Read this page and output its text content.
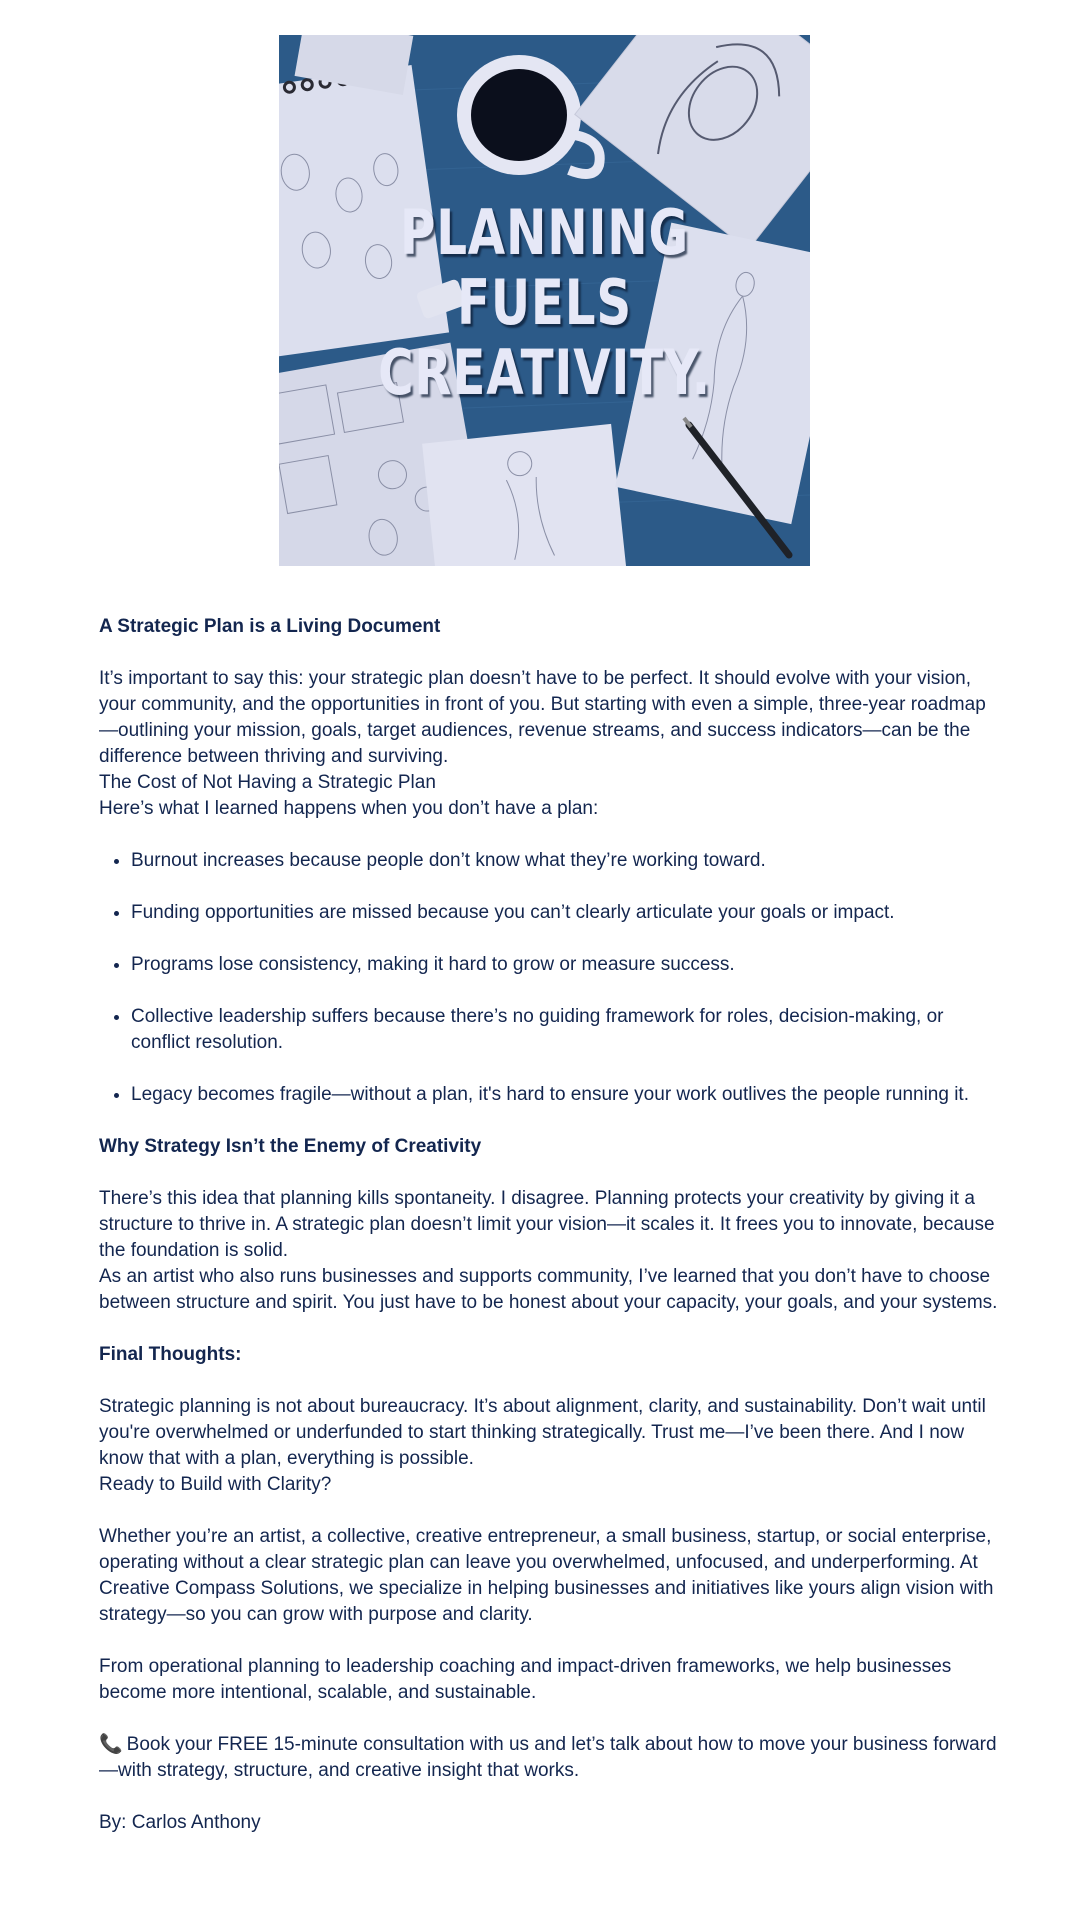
PLANNING
FUELS
CREATIVITY.
A Strategic Plan is a Living Document

It’s important to say this: your strategic plan doesn’t have to be perfect. It should evolve with your vision, your community, and the opportunities in front of you. But starting with even a simple, three-year roadmap—outlining your mission, goals, target audiences, revenue streams, and success indicators—can be the difference between thriving and surviving.

The Cost of Not Having a Strategic Plan

Here’s what I learned happens when you don’t have a plan:

• Burnout increases because people don’t know what they’re working toward.
• Funding opportunities are missed because you can’t clearly articulate your goals or impact.
• Programs lose consistency, making it hard to grow or measure success.
• Collective leadership suffers because there’s no guiding framework for roles, decision-making, or conflict resolution.
• Legacy becomes fragile—without a plan, it's hard to ensure your work outlives the people running it.
Why Strategy Isn’t the Enemy of Creativity

There’s this idea that planning kills spontaneity. I disagree. Planning protects your creativity by giving it a structure to thrive in. A strategic plan doesn’t limit your vision—it scales it. It frees you to innovate, because the foundation is solid.

As an artist who also runs businesses and supports community, I’ve learned that you don’t have to choose between structure and spirit. You just have to be honest about your capacity, your goals, and your systems.

Final Thoughts:

Strategic planning is not about bureaucracy. It’s about alignment, clarity, and sustainability. Don’t wait until you're overwhelmed or underfunded to start thinking strategically. Trust me—I’ve been there. And I now know that with a plan, everything is possible.

Ready to Build with Clarity?

Whether you’re an artist, a collective, creative entrepreneur, a small business, startup, or social enterprise, operating without a clear strategic plan can leave you overwhelmed, unfocused, and underperforming. At Creative Compass Solutions, we specialize in helping businesses and initiatives like yours align vision with strategy—so you can grow with purpose and clarity.

From operational planning to leadership coaching and impact-driven frameworks, we help businesses become more intentional, scalable, and sustainable.

📞 Book your FREE 15-minute consultation with us and let’s talk about how to move your business forward—with strategy, structure, and creative insight that works.

By: Carlos Anthony
